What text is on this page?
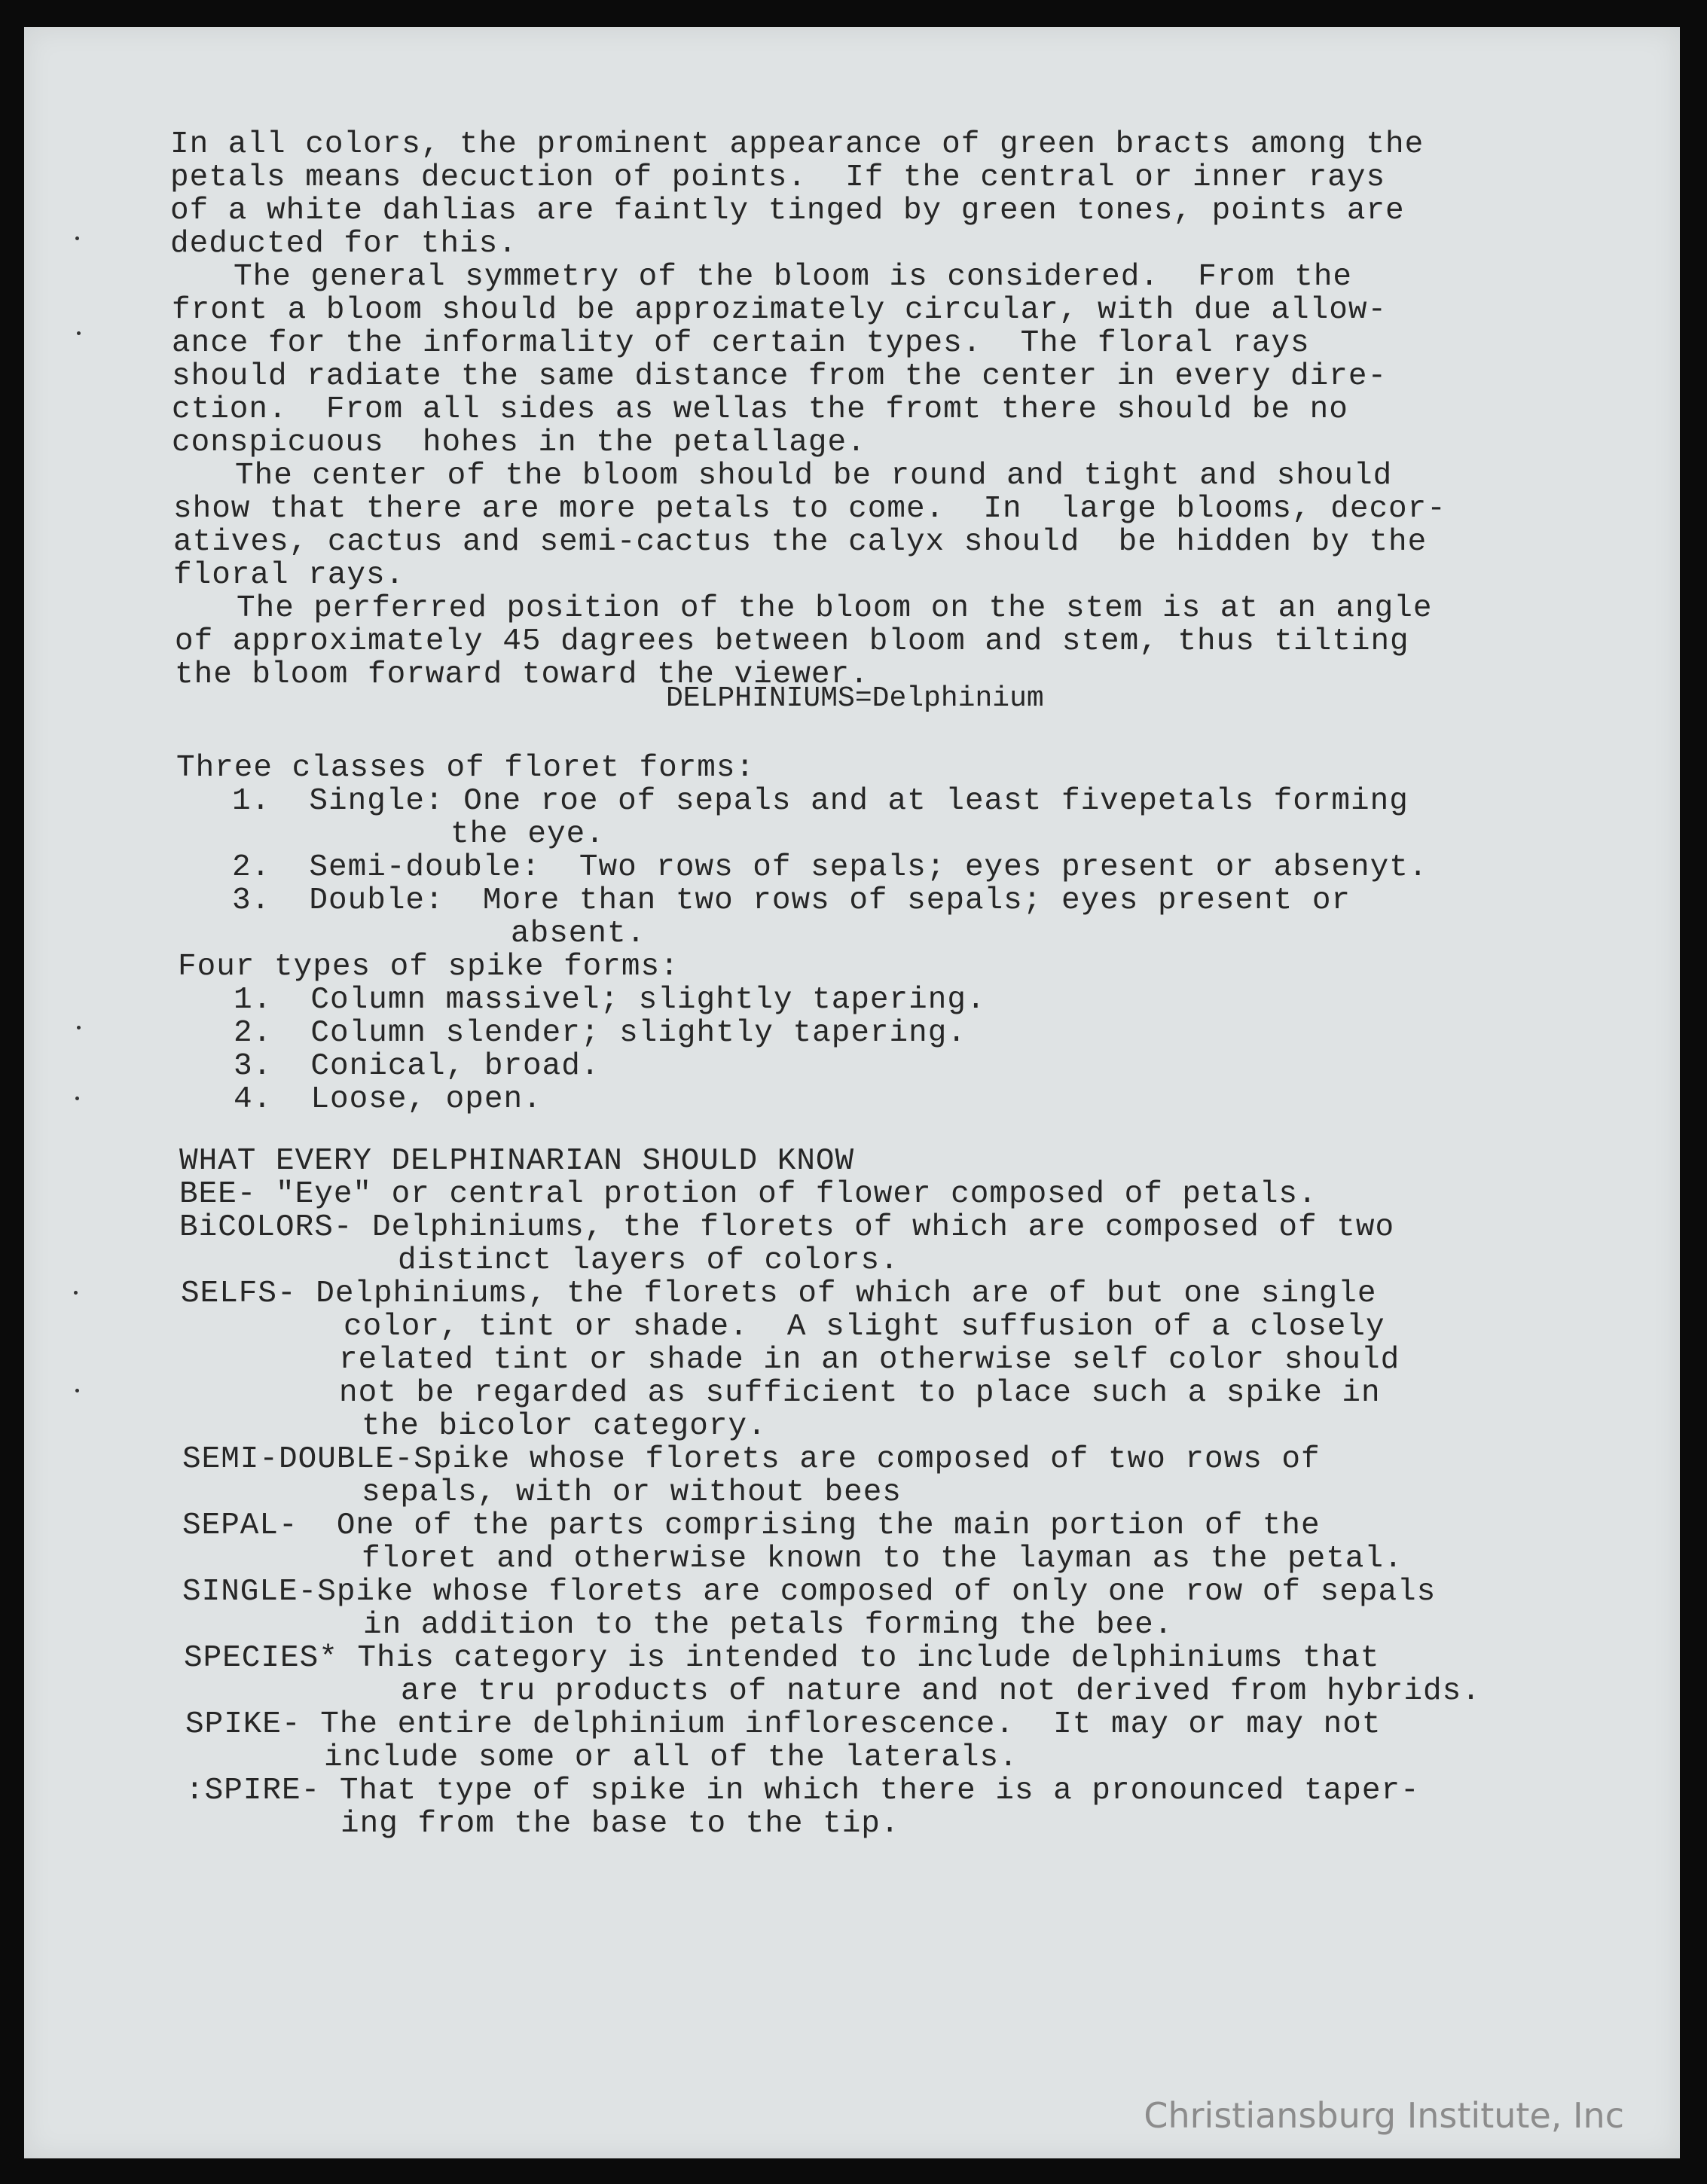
In all colors, the prominent appearance of green bracts among the
petals means decuction of points.  If the central or inner rays
of a white dahlias are faintly tinged by green tones, points are
deducted for this.
The general symmetry of the bloom is considered.  From the
front a bloom should be approzimately circular, with due allow-
ance for the informality of certain types.  The floral rays
should radiate the same distance from the center in every dire-
ction.  From all sides as wellas the fromt there should be no
conspicuous  hohes in the petallage.
The center of the bloom should be round and tight and should
show that there are more petals to come.  In  large blooms, decor-
atives, cactus and semi-cactus the calyx should  be hidden by the
floral rays.
The perferred position of the bloom on the stem is at an angle
of approximately 45 dagrees between bloom and stem, thus tilting
the bloom forward toward the viewer.
DELPHINIUMS=Delphinium
Three classes of floret forms:
1.  Single: One roe of sepals and at least fivepetals forming
the eye.
2.  Semi-double:  Two rows of sepals; eyes present or absenyt.
3.  Double:  More than two rows of sepals; eyes present or
absent.
Four types of spike forms:
1.  Column massivel; slightly tapering.
2.  Column slender; slightly tapering.
3.  Conical, broad.
4.  Loose, open.
WHAT EVERY DELPHINARIAN SHOULD KNOW
BEE- "Eye" or central protion of flower composed of petals.
BiCOLORS- Delphiniums, the florets of which are composed of two
distinct layers of colors.
SELFS- Delphiniums, the florets of which are of but one single
color, tint or shade.  A slight suffusion of a closely
related tint or shade in an otherwise self color should
not be regarded as sufficient to place such a spike in
the bicolor category.
SEMI-DOUBLE-Spike whose florets are composed of two rows of
sepals, with or without bees
SEPAL-  One of the parts comprising the main portion of the
floret and otherwise known to the layman as the petal.
SINGLE-Spike whose florets are composed of only one row of sepals
in addition to the petals forming the bee.
SPECIES* This category is intended to include delphiniums that
are tru products of nature and not derived from hybrids.
SPIKE- The entire delphinium inflorescence.  It may or may not
include some or all of the laterals.
:SPIRE- That type of spike in which there is a pronounced taper-
ing from the base to the tip.
Christiansburg Institute, Inc
